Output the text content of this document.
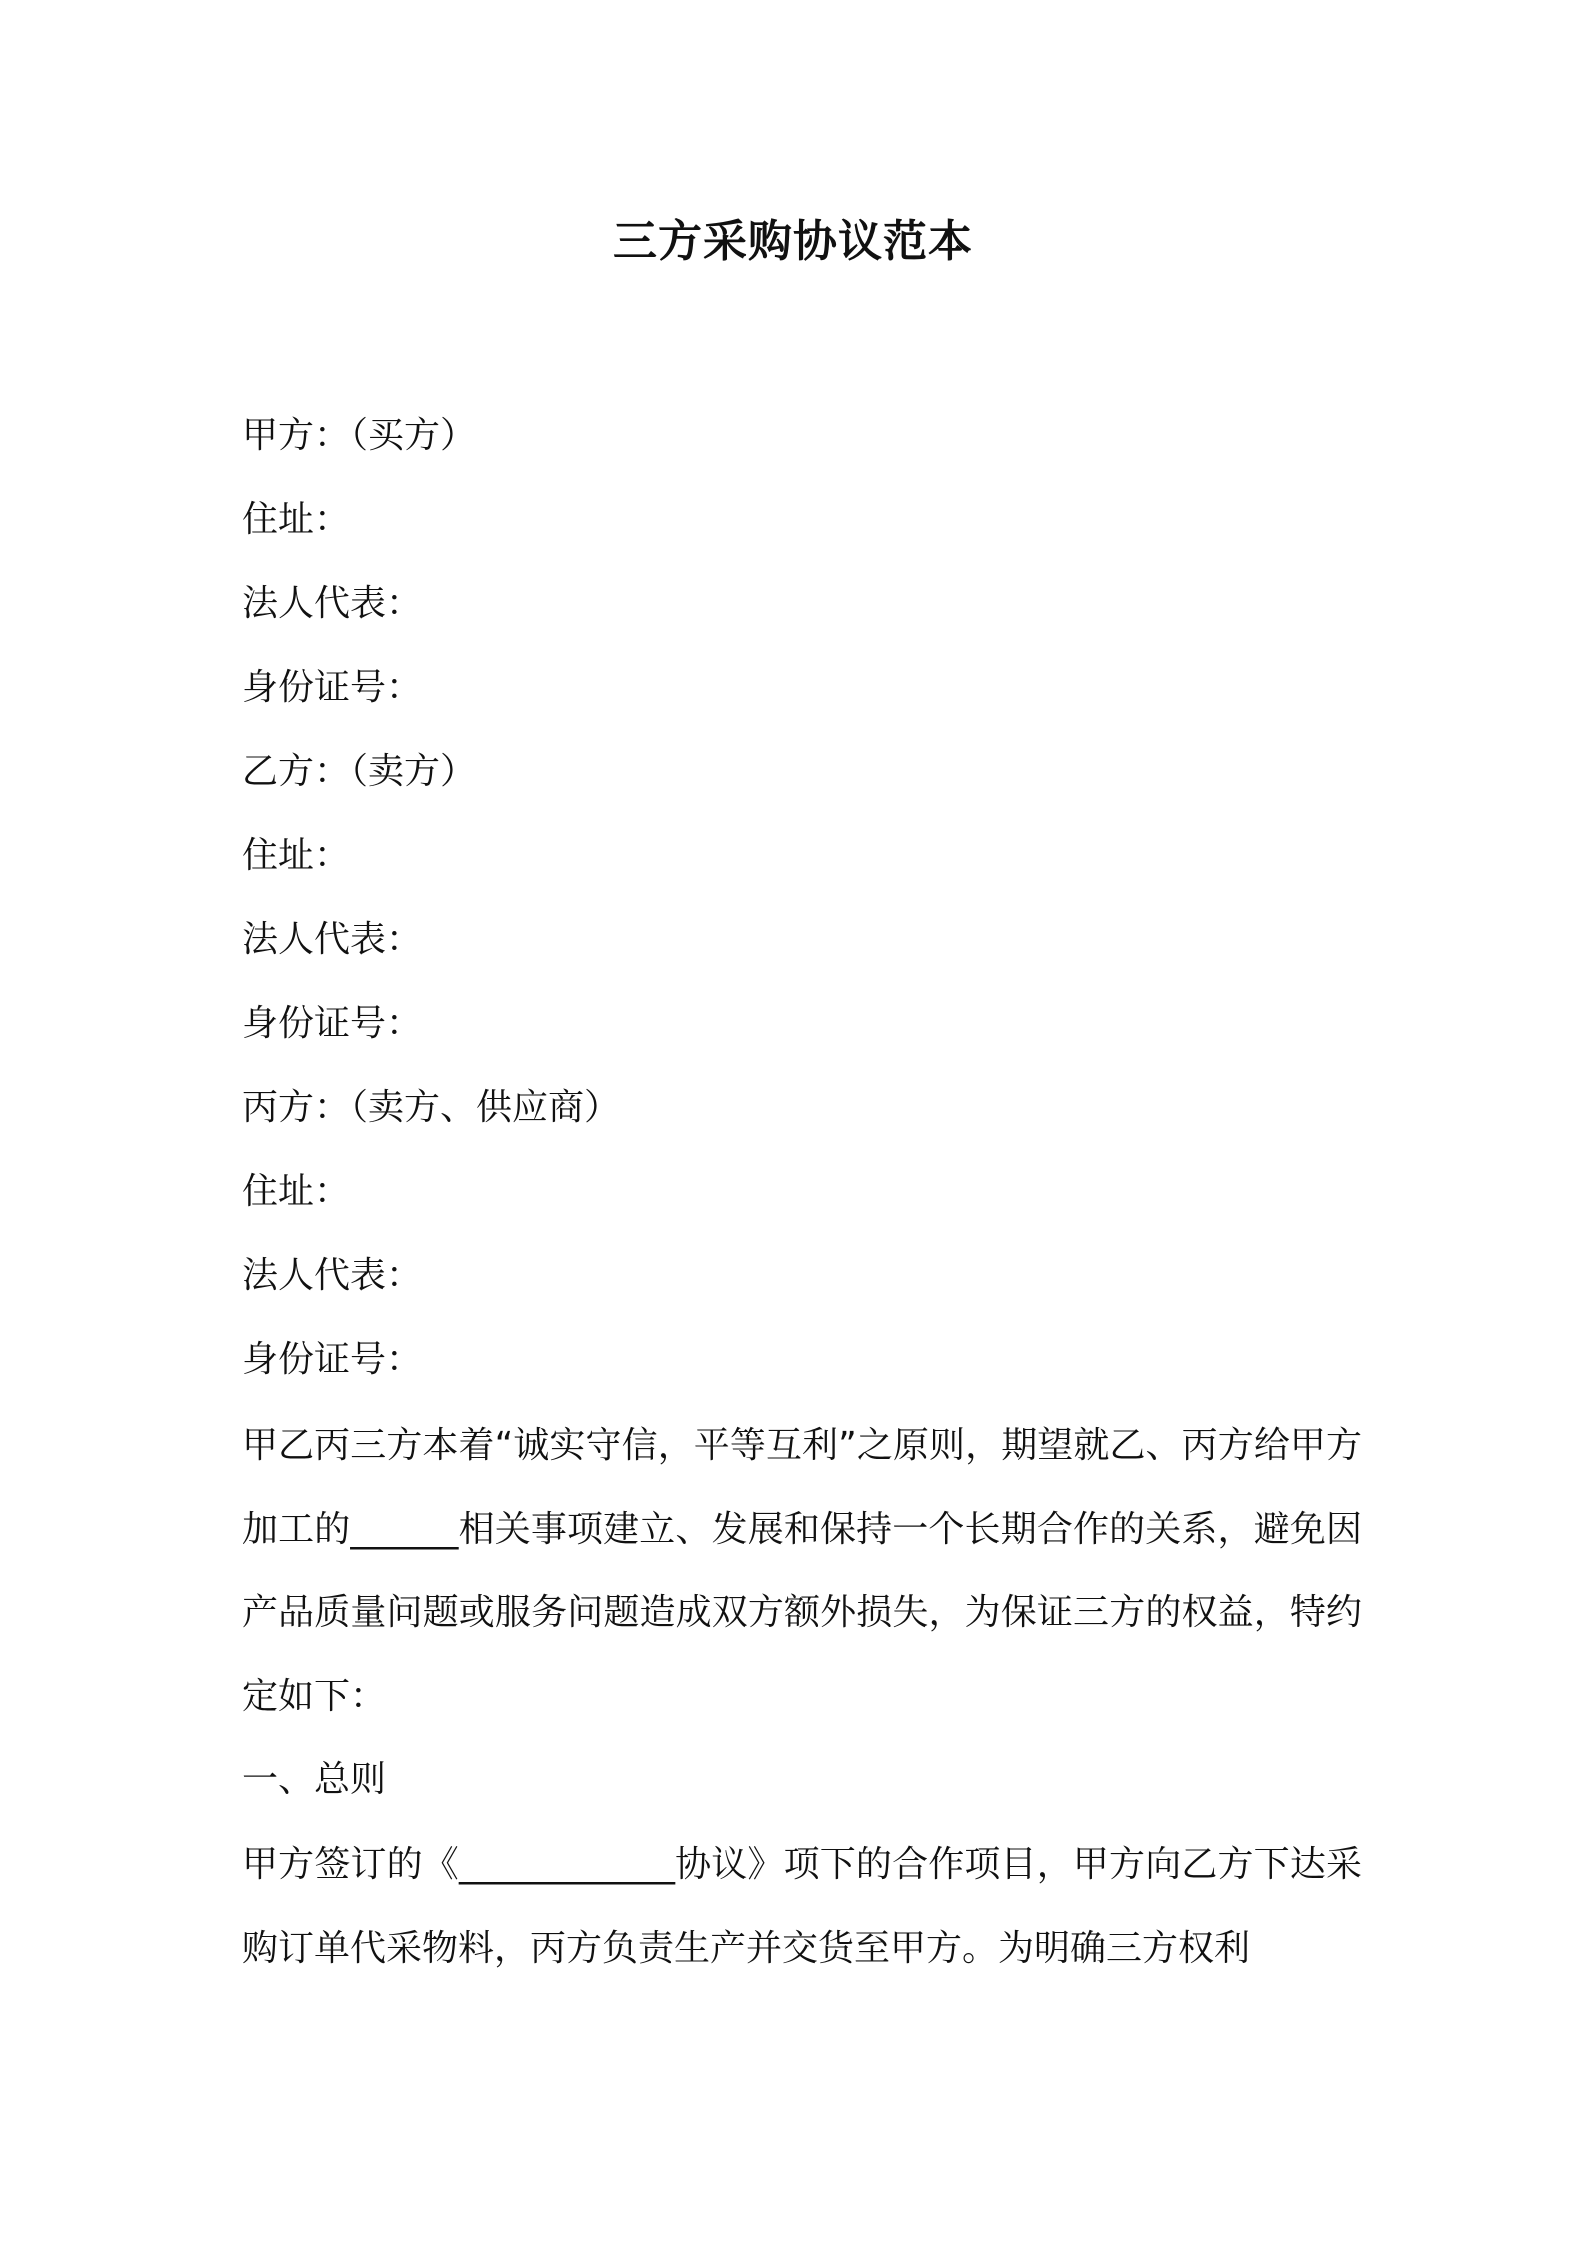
三方采购协议范本
甲方：（买方）
住址：
法人代表：
身份证号：
乙方：（卖方）
住址：
法人代表：
身份证号：
丙方：（卖方、供应商）
住址：
法人代表：
身份证号：
甲乙丙三方本着“诚实守信，平等互利”之原则，期望就乙、丙方给甲方加工的______相关事项建立、发展和保持一个长期合作的关系，避免因产品质量问题或服务问题造成双方额外损失，为保证三方的权益，特约定如下：
一、总则
甲方签订的《____________协议》项下的合作项目，甲方向乙方下达采购订单代采物料，丙方负责生产并交货至甲方。为明确三方权利
